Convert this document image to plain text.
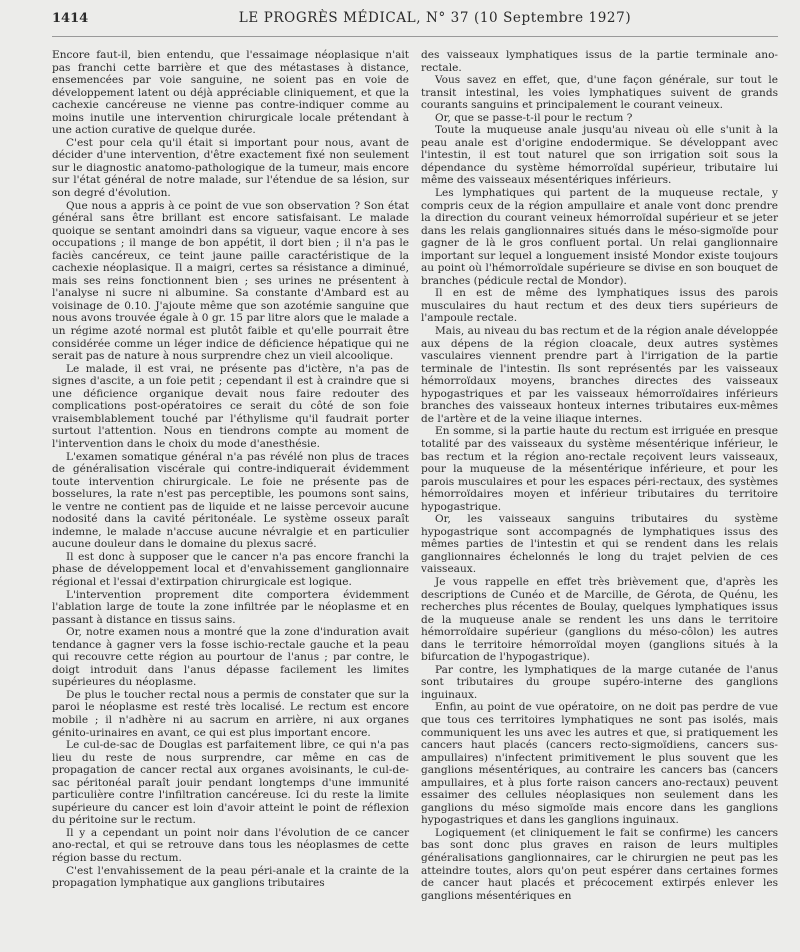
1414	LE PROGRÈS MÉDICAL, N° 37 (10 Septembre 1927)

Encore faut-il, bien entendu, que l'essaimage néoplasique n'ait pas franchi cette barrière et que des métastases à distance, ensemencées par voie sanguine, ne soient pas en voie de développement latent ou déjà appréciable cliniquement, et que la cachexie cancéreuse ne vienne pas contre-indiquer comme au moins inutile une intervention chirurgicale locale prétendant à une action curative de quelque durée.

C'est pour cela qu'il était si important pour nous, avant de décider d'une intervention, d'être exactement fixé non seulement sur le diagnostic anatomo-pathologique de la tumeur, mais encore sur l'état général de notre malade, sur l'étendue de sa lésion, sur son degré d'évolution.

Que nous a appris à ce point de vue son observation ? Son état général sans être brillant est encore satisfaisant. Le malade quoique se sentant amoindri dans sa vigueur, vaque encore à ses occupations ; il mange de bon appétit, il dort bien ; il n'a pas le faciès cancéreux, ce teint jaune paille caractéristique de la cachexie néoplasique. Il a maigri, certes sa résistance a diminué, mais ses reins fonctionnent bien ; ses urines ne présentent à l'analyse ni sucre ni albumine. Sa constante d'Ambard est au voisinage de 0.10. J'ajoute même que son azotémie sanguine que nous avons trouvée égale à 0 gr. 15 par litre alors que le malade a un régime azoté normal est plutôt faible et qu'elle pourrait être considérée comme un léger indice de déficience hépatique qui ne serait pas de nature à nous surprendre chez un vieil alcoolique.

Le malade, il est vrai, ne présente pas d'ictère, n'a pas de signes d'ascite, a un foie petit ; cependant il est à craindre que si une déficience organique devait nous faire redouter des complications post-opératoires ce serait du côté de son foie vraisemblablement touché par l'éthylisme qu'il faudrait porter surtout l'attention. Nous en tiendrons compte au moment de l'intervention dans le choix du mode d'anesthésie.

L'examen somatique général n'a pas révélé non plus de traces de généralisation viscérale qui contre-indiquerait évidemment toute intervention chirurgicale. Le foie ne présente pas de bosselures, la rate n'est pas perceptible, les poumons sont sains, le ventre ne contient pas de liquide et ne laisse percevoir aucune nodosité dans la cavité péritonéale. Le système osseux paraît indemne, le malade n'accuse aucune névralgie et en particulier aucune douleur dans le domaine du plexus sacré.

Il est donc à supposer que le cancer n'a pas encore franchi la phase de développement local et d'envahissement ganglionnaire régional et l'essai d'extirpation chirurgicale est logique.

L'intervention proprement dite comportera évidemment l'ablation large de toute la zone infiltrée par le néoplasme et en passant à distance en tissus sains.

Or, notre examen nous a montré que la zone d'induration avait tendance à gagner vers la fosse ischio-rectale gauche et la peau qui recouvre cette région au pourtour de l'anus ; par contre, le doigt introduit dans l'anus dépasse facilement les limites supérieures du néoplasme.

De plus le toucher rectal nous a permis de constater que sur la paroi le néoplasme est resté très localisé. Le rectum est encore mobile ; il n'adhère ni au sacrum en arrière, ni aux organes génito-urinaires en avant, ce qui est plus important encore.

Le cul-de-sac de Douglas est parfaitement libre, ce qui n'a pas lieu du reste de nous surprendre, car même en cas de propagation de cancer rectal aux organes avoisinants, le cul-de-sac péritonéal paraît jouir pendant longtemps d'une immunité particulière contre l'infiltration cancéreuse. Ici du reste la limite supérieure du cancer est loin d'avoir atteint le point de réflexion du péritoine sur le rectum.

Il y a cependant un point noir dans l'évolution de ce cancer ano-rectal, et qui se retrouve dans tous les néoplasmes de cette région basse du rectum.

C'est l'envahissement de la peau péri-anale et la crainte de la propagation lymphatique aux ganglions tributaires

des vaisseaux lymphatiques issus de la partie terminale ano-rectale.

Vous savez en effet, que, d'une façon générale, sur tout le transit intestinal, les voies lymphatiques suivent de grands courants sanguins et principalement le courant veineux.

Or, que se passe-t-il pour le rectum ?

Toute la muqueuse anale jusqu'au niveau où elle s'unit à la peau anale est d'origine endodermique. Se développant avec l'intestin, il est tout naturel que son irrigation soit sous la dépendance du système hémorroïdal supérieur, tributaire lui même des vaisseaux mésentériques inférieurs.

Les lymphatiques qui partent de la muqueuse rectale, y compris ceux de la région ampullaire et anale vont donc prendre la direction du courant veineux hémorroïdal supérieur et se jeter dans les relais ganglionnaires situés dans le méso-sigmoïde pour gagner de là le gros confluent portal. Un relai ganglionnaire important sur lequel a longuement insisté Mondor existe toujours au point où l'hémorroïdale supérieure se divise en son bouquet de branches (pédicule rectal de Mondor).

Il en est de même des lymphatiques issus des parois musculaires du haut rectum et des deux tiers supérieurs de l'ampoule rectale.

Mais, au niveau du bas rectum et de la région anale développée aux dépens de la région cloacale, deux autres systèmes vasculaires viennent prendre part à l'irrigation de la partie terminale de l'intestin. Ils sont représentés par les vaisseaux hémorroïdaux moyens, branches directes des vaisseaux hypogastriques et par les vaisseaux hémorroïdaires inférieurs branches des vaisseaux honteux internes tributaires eux-mêmes de l'artère et de la veine iliaque internes.

En somme, si la partie haute du rectum est irriguée en presque totalité par des vaisseaux du système mésentérique inférieur, le bas rectum et la région ano-rectale reçoivent leurs vaisseaux, pour la muqueuse de la mésentérique inférieure, et pour les parois musculaires et pour les espaces péri-rectaux, des systèmes hémorroïdaires moyen et inférieur tributaires du territoire hypogastrique.

Or, les vaisseaux sanguins tributaires du système hypogastrique sont accompagnés de lymphatiques issus des mêmes parties de l'intestin et qui se rendent dans les relais ganglionnaires échelonnés le long du trajet pelvien de ces vaisseaux.

Je vous rappelle en effet très brièvement que, d'après les descriptions de Cunéo et de Marcille, de Gérota, de Quénu, les recherches plus récentes de Boulay, quelques lymphatiques issus de la muqueuse anale se rendent les uns dans le territoire hémorroïdaire supérieur (ganglions du méso-côlon) les autres dans le territoire hémorroïdal moyen (ganglions situés à la bifurcation de l'hypogastrique).

Par contre, les lymphatiques de la marge cutanée de l'anus sont tributaires du groupe supéro-interne des ganglions inguinaux.

Enfin, au point de vue opératoire, on ne doit pas perdre de vue que tous ces territoires lymphatiques ne sont pas isolés, mais communiquent les uns avec les autres et que, si pratiquement les cancers haut placés (cancers recto-sigmoïdiens, cancers sus-ampullaires) n'infectent primitivement le plus souvent que les ganglions mésentériques, au contraire les cancers bas (cancers ampullaires, et à plus forte raison cancers ano-rectaux) peuvent essaimer des cellules néoplasiques non seulement dans les ganglions du méso sigmoïde mais encore dans les ganglions hypogastriques et dans les ganglions inguinaux.

Logiquement (et cliniquement le fait se confirme) les cancers bas sont donc plus graves en raison de leurs multiples généralisations ganglionnaires, car le chirurgien ne peut pas les atteindre toutes, alors qu'on peut espérer dans certaines formes de cancer haut placés et précocement extirpés enlever les ganglions mésentériques en
